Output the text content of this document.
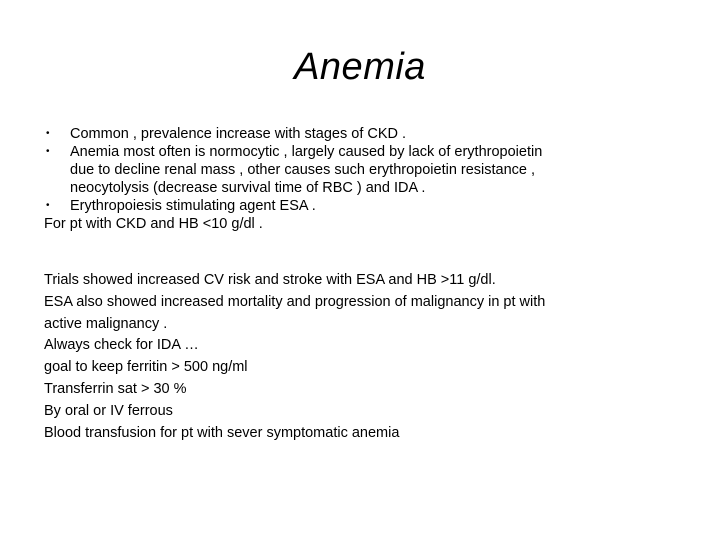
Anemia
•	Common , prevalence increase with stages of CKD .
•	Anemia most often is normocytic , largely caused by lack of erythropoietin
due to decline renal mass , other causes such erythropoietin resistance ,
neocytolysis (decrease survival time of RBC ) and IDA .
•	Erythropoiesis stimulating agent ESA .
For pt with CKD and HB <10 g/dl .
Trials showed increased CV risk and stroke with ESA and HB >11 g/dl.
ESA also showed increased mortality and progression of malignancy in pt with
active malignancy .
Always check for IDA …
goal to keep ferritin > 500 ng/ml
Transferrin sat > 30 %
By oral or IV ferrous
Blood transfusion for pt with sever symptomatic anemia
